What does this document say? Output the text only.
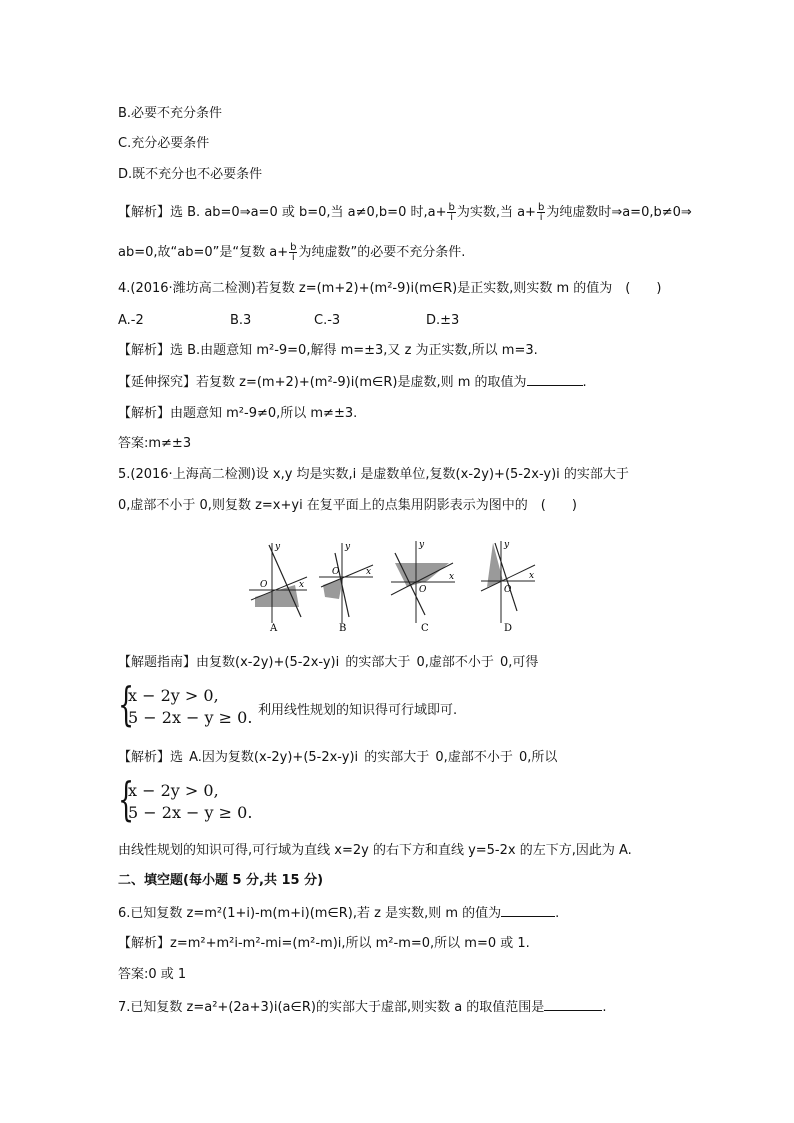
B.必要不充分条件
C.充分必要条件
D.既不充分也不必要条件
【解析】选 B. ab=0⇒a=0 或 b=0,当 a≠0,b=0 时$,a+ \frac{b}{i}$ 为实数,当 $a+ \frac{b}{i}$ 为纯虚数时⇒a=0,b≠0⇒
ab=0,故“ab=0”是“复数 $a+ \frac{b}{i}$ 为纯虚数”的必要不充分条件.
4.(2016·潍坊高二检测)若复数 z=(m+2)+(m²-9)i(m∈R)是正实数,则实数 m 的值为　(　　)
A.-2	B.3	C.-3	D.±3
【解析】选 B.由题意知 m²-9=0,解得 m=±3,又 z 为正实数,所以 m=3.
【延伸探究】若复数 z=(m+2)+(m²-9)i(m∈R)是虚数,则 m 的取值为	.
【解析】由题意知 m²-9≠0,所以 m≠±3.
答案:m≠±3
5.(2016·上海高二检测)设 x,y 均是实数,i 是虚数单位,复数(x-2y)+(5-2x-y)i 的实部大于
0,虚部不小于 0,则复数 z=x+yi 在复平面上的点集用阴影表示为图中的　(　　)
y
x
O
A
y
x
O
B
y
x
O
C
y
x
O
D
【解题指南】由复数(x-2y)+(5-2x-y)i 的实部大于 0,虚部不小于 0,可得
{
x − 2y > 0,
5 − 2x − y ≥ 0. 利用线性规划的知识得可行域即可.
【解析】选 A.因为复数(x-2y)+(5-2x-y)i 的实部大于 0,虚部不小于 0,所以
{
x − 2y > 0,
5 − 2x − y ≥ 0.
由线性规划的知识可得,可行域为直线 x=2y 的右下方和直线 y=5-2x 的左下方,因此为 A.
二、填空题(每小题 5 分,共 15 分)
6.已知复数 z=m²(1+i)-m(m+i)(m∈R),若 z 是实数,则 m 的值为	.
【解析】z=m²+m²i-m²-mi=(m²-m)i,所以 m²-m=0,所以 m=0 或 1.
答案:0 或 1
7.已知复数 z=a²+(2a+3)i(a∈R)的实部大于虚部,则实数 a 的取值范围是	.
